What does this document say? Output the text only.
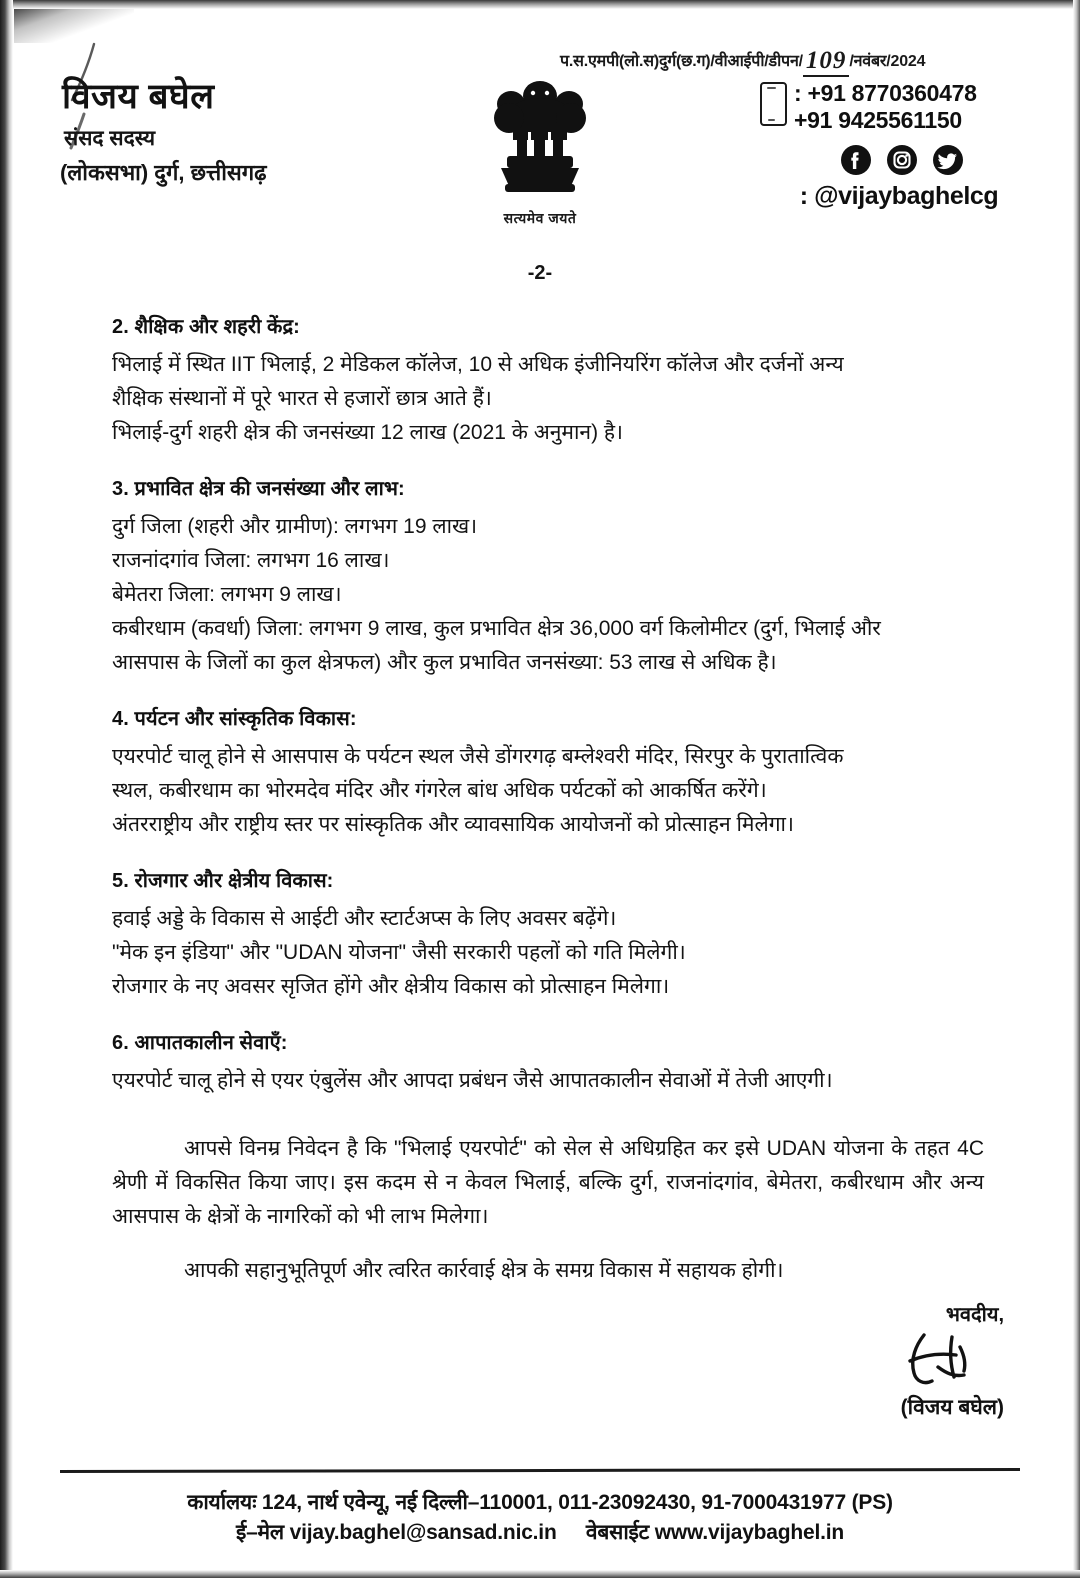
विजय बघेल
संसद सदस्य
(लोकसभा) दुर्ग, छत्तीसगढ़
सत्यमेव जयते
-2-
प.स.एमपी(लो.स)दुर्ग(छ.ग)/वीआईपी/डीपन/ 109 /नवंबर/2024
: +91 8770360478
+91 9425561150
: @vijaybaghelcg
2. शैक्षिक और शहरी केंद्र:
भिलाई में स्थित IIT भिलाई, 2 मेडिकल कॉलेज, 10 से अधिक इंजीनियरिंग कॉलेज और दर्जनों अन्य
शैक्षिक संस्थानों में पूरे भारत से हजारों छात्र आते हैं।
भिलाई-दुर्ग शहरी क्षेत्र की जनसंख्या 12 लाख (2021 के अनुमान) है।
3. प्रभावित क्षेत्र की जनसंख्या और लाभ:
दुर्ग जिला (शहरी और ग्रामीण): लगभग 19 लाख।
राजनांदगांव जिला: लगभग 16 लाख।
बेमेतरा जिला: लगभग 9 लाख।
कबीरधाम (कवर्धा) जिला: लगभग 9 लाख, कुल प्रभावित क्षेत्र 36,000 वर्ग किलोमीटर (दुर्ग, भिलाई और
आसपास के जिलों का कुल क्षेत्रफल) और कुल प्रभावित जनसंख्या: 53 लाख से अधिक है।
4. पर्यटन और सांस्कृतिक विकास:
एयरपोर्ट चालू होने से आसपास के पर्यटन स्थल जैसे डोंगरगढ़ बम्लेश्वरी मंदिर, सिरपुर के पुरातात्विक
स्थल, कबीरधाम का भोरमदेव मंदिर और गंगरेल बांध अधिक पर्यटकों को आकर्षित करेंगे।
अंतरराष्ट्रीय और राष्ट्रीय स्तर पर सांस्कृतिक और व्यावसायिक आयोजनों को प्रोत्साहन मिलेगा।
5. रोजगार और क्षेत्रीय विकास:
हवाई अड्डे के विकास से आईटी और स्टार्टअप्स के लिए अवसर बढ़ेंगे।
"मेक इन इंडिया" और "UDAN योजना" जैसी सरकारी पहलों को गति मिलेगी।
रोजगार के नए अवसर सृजित होंगे और क्षेत्रीय विकास को प्रोत्साहन मिलेगा।
6. आपातकालीन सेवाएँ:
एयरपोर्ट चालू होने से एयर एंबुलेंस और आपदा प्रबंधन जैसे आपातकालीन सेवाओं में तेजी आएगी।
आपसे विनम्र निवेदन है कि "भिलाई एयरपोर्ट" को सेल से अधिग्रहित कर इसे UDAN योजना के तहत 4C श्रेणी में विकसित किया जाए। इस कदम से न केवल भिलाई, बल्कि दुर्ग, राजनांदगांव, बेमेतरा, कबीरधाम और अन्य आसपास के क्षेत्रों के नागरिकों को भी लाभ मिलेगा।
आपकी सहानुभूतिपूर्ण और त्वरित कार्रवाई क्षेत्र के समग्र विकास में सहायक होगी।
भवदीय,
(विजय बघेल)
कार्यालयः 124, नार्थ एवेन्यू, नई दिल्ली–110001, 011-23092430, 91-7000431977 (PS)
ई–मेल vijay.baghel@sansad.nic.in वेबसाईट www.vijaybaghel.in
